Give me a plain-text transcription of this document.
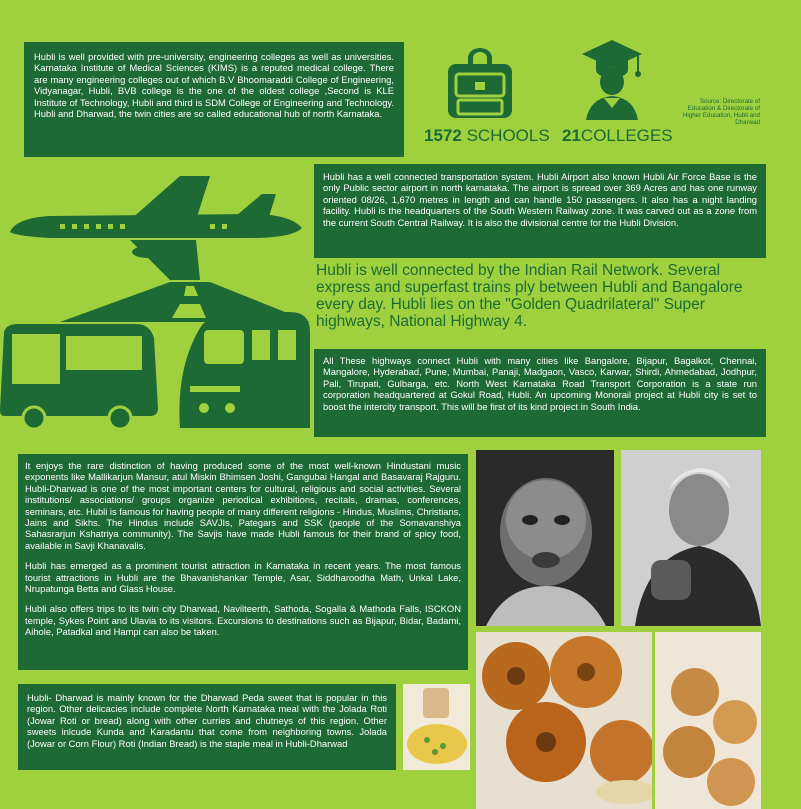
Hubli is well provided with pre-university, engineering colleges as well as universities. Karnataka Institute of Medical Sciences (KIMS) is a reputed medical college. There are many engineering colleges out of which B.V Bhoomaraddi College of Engineering, Vidyanagar, Hubli, BVB college is the one of the oldest college ,Second is KLE Institute of Technology, Hubli and third is SDM College of Engineering and Technology. Hubli and Dharwad, the twin cities are so called educational hub of north Karnataka.

1572 SCHOOLS 21COLLEGES
Source: Directorate of Education & Directorate of Higher Education, Hubli and Dharwad

Hubli has a well connected transportation system. Hubli Airport also known Hubli Air Force Base is the only Public sector airport in north karnataka. The airport is spread over 369 Acres and has one runway oriented 08/26, 1,670 metres in length and can handle 150 passengers. It also has a night landing facility. Hubli is the headquarters of the South Western Railway zone. It was carved out as a zone from the current South Central Railway. It is also the divisional centre for the Hubli Division.

Hubli is well connected by the Indian Rail Network. Several express and superfast trains ply between Hubli and Bangalore every day. Hubli lies on the "Golden Quadrilateral" Super highways, National Highway 4.

All These highways connect Hubli with many cities like Bangalore, Bijapur, Bagalkot, Chennai, Mangalore, Hyderabad, Pune, Mumbai, Panaji, Madgaon, Vasco, Karwar, Shirdi, Ahmedabad, Jodhpur, Pali, Tirupati, Gulbarga, etc. North West Karnataka Road Transport Corporation is a state run corporation headquartered at Gokul Road, Hubli. An upcoming Monorail project at Hubli city is set to boost the intercity transport. This will be first of its kind project in South India.

It enjoys the rare distinction of having produced some of the most well-known Hindustani music exponents like Mallikarjun Mansur, atul Miskin Bhimsen Joshi, Gangubai Hangal and Basavaraj Rajguru. Hubli-Dharwad is one of the most important centers for cultural, religious and social activities. Several institutions/ associations/ groups organize periodical exhibitions, recitals, dramas, conferences, seminars, etc. Hubli is famous for having people of many different religions - Hindus, Muslims, Christians, Jains and Sikhs. The Hindus include SAVJIs, Pategars and SSK (people of the Somavanshiya Sahasrarjun Kshatriya community). The Savjis have made Hubli famous for their brand of spicy food, available in Savji Khanavalis.

Hubli has emerged as a prominent tourist attraction in Karnataka in recent years. The most famous tourist attractions in Hubli are the Bhavanishankar Temple, Asar, Siddharoodha Math, Unkal Lake, Nrupatunga Betta and Glass House.

Hubli also offers trips to its twin city Dharwad, Navilteerth, Sathoda, Sogalla & Mathoda Falls, ISCKON temple, Sykes Point and Ulavia to its visitors. Excursions to destinations such as Bijapur, Bidar, Badami, Aihole, Patadkal and Hampi can also be taken.

Hubli- Dharwad is mainly known for the Dharwad Peda sweet that is popular in this region. Other delicacies include complete North Karnataka meal with the Jolada Roti (Jowar Roti or bread) along with other curries and chutneys of this region. Other sweets inlcude Kunda and Karadantu that come from neighboring towns. Jolada (Jowar or Corn Flour) Roti (Indian Bread) is the staple meal in Hubli-Dharwad
